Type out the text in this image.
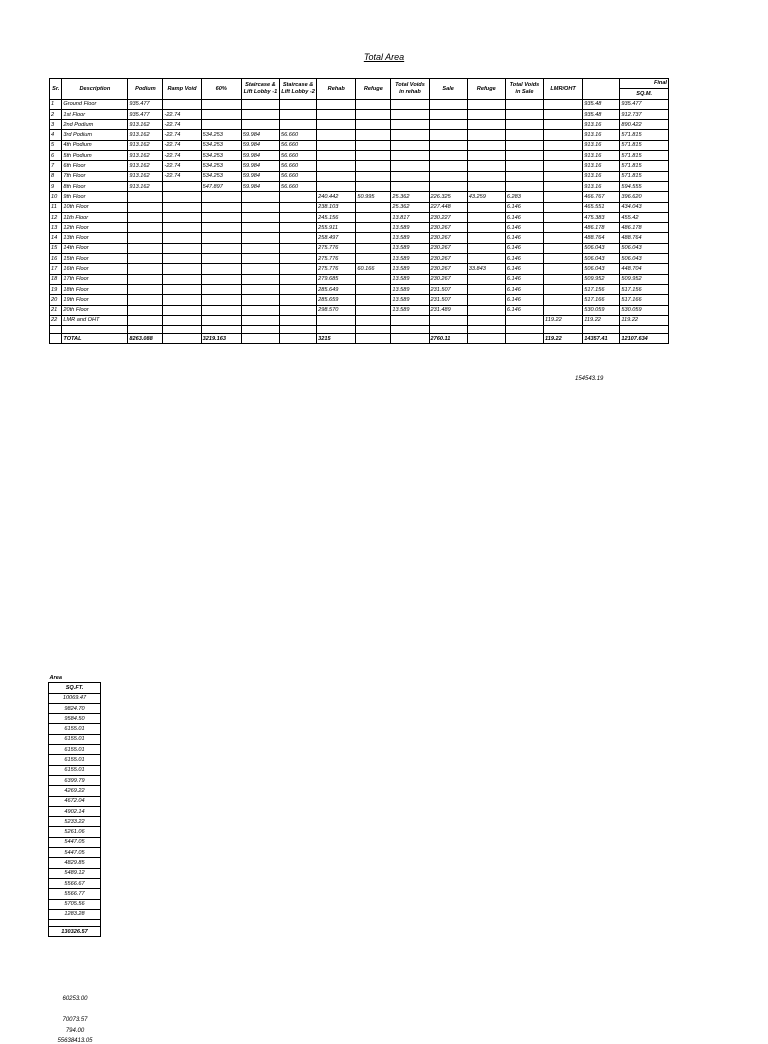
Total Area
Sr.	Description	Podium	Ramp Void	60%	Staircase & Lift Lobby -1	Staircase & Lift Lobby -2	Rehab	Refuge	Total Voids in rehab	Sale	Refuge	Total Voids in Sale	LMR/OHT		Final
															SQ.M.
1	Ground Floor	935.477												935.48	935.477
2	1st Floor	935.477	-22.74											935.48	912.737
3	2nd Podium	913.162	-22.74											913.16	890.422
4	3rd Podium	913.162	-22.74	534.253	59.984	56.660								913.16	571.815
5	4th Podium	913.162	-22.74	534.253	59.984	56.660								913.16	571.815
6	5th Podium	913.162	-22.74	534.253	59.984	56.660								913.16	571.815
7	6th Floor	913.162	-22.74	534.253	59.984	56.660								913.16	571.815
8	7th Floor	913.162	-22.74	534.253	59.984	56.660								913.16	571.815
9	8th Floor	913.162		547.897	59.984	56.660								913.16	594.555
10	9th Floor						240.442	50.995	25.362	226.325	43.259	6.283		466.767	396.620
11	10th Floor						238.103		25.362	227.448		6.146		465.551	434.043
12	11th Floor						245.156		13.817	230.227		6.146		475.383	455.42
13	12th Floor						255.911		13.589	230.267		6.146		486.178	486.178
14	13th Floor						258.497		13.589	230.267		6.146		488.764	488.764
15	14th Floor						275.776		13.589	230.267		6.146		506.043	506.043
16	15th Floor						275.776		13.589	230.267		6.146		506.043	506.043
17	16th Floor						275.776	60.166	13.589	230.267	33.843	6.146		506.043	448.704
18	17th Floor						279.685		13.589	230.267		6.146		509.952	509.952
19	18th Floor						285.649		13.589	231.507		6.146		517.156	517.156
20	19th Floor						285.659		13.589	231.507		6.146		517.166	517.166
21	20th Floor						298.570		13.589	231.489		6.146		530.059	530.059
22	LMR and OHT												119.22	119.22	119.22

	TOTAL	8263.088		3219.163			3215			2760.11			119.22	14357.41	12107.634
154543.19
Area
SQ.FT.
10069.47
9824.70
9584.50
6155.01
6155.01
6155.01
6155.01
6155.01
6399.79
4269.22
4672.04
4902.14
5233.22
5261.06
5447.05
5447.05
4829.85
5489.12
5566.67
5566.77
5705.56
1283.28

130326.57
60253.00
70073.57
794.00
55638413.05
